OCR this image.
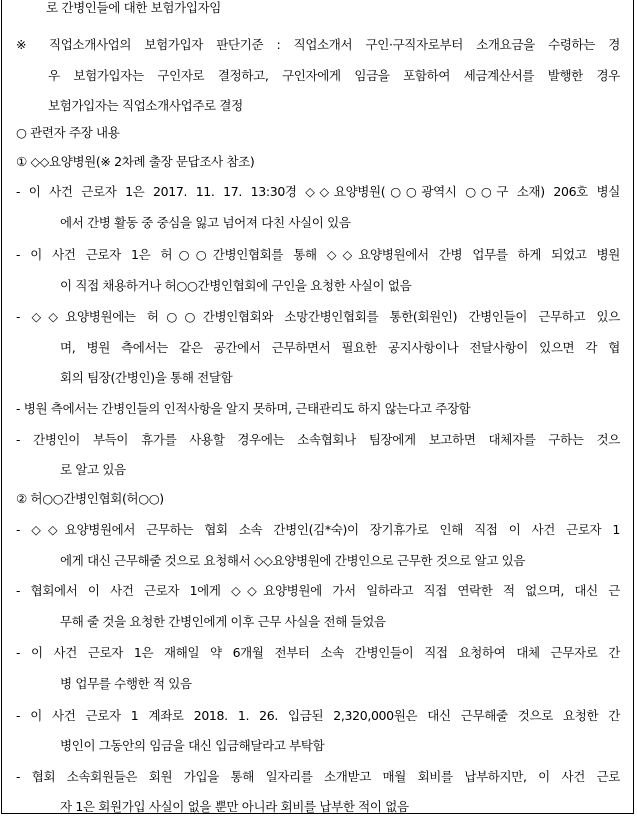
로 간병인들에 대한 보험가입자임
※ 직업소개사업의 보험가입자 판단기준 : 직업소개서 구인·구직자로부터 소개요금을 수령하는 경
우 보험가입자는 구인자로 결정하고, 구인자에게 임금을 포함하여 세금계산서를 발행한 경우
보험가입자는 직업소개사업주로 결정
○ 관련자 주장 내용
① ◇◇요양병원(※ 2차례 출장 문답조사 참조)
- 이 사건 근로자 1은 2017. 11. 17. 13:30경 ◇◇요양병원(○○광역시 ○○구 소재) 206호 병실
에서 간병 활동 중 중심을 잃고 넘어져 다친 사실이 있음
- 이 사건 근로자 1은 허○○간병인협회를 통해 ◇◇요양병원에서 간병 업무를 하게 되었고 병원
이 직접 채용하거나 허○○간병인협회에 구인을 요청한 사실이 없음
- ◇◇요양병원에는 허○○간병인협회와 소망간병인협회를 통한(회원인) 간병인들이 근무하고 있으
며, 병원 측에서는 같은 공간에서 근무하면서 필요한 공지사항이나 전달사항이 있으면 각 협
회의 팀장(간병인)을 통해 전달함
- 병원 측에서는 간병인들의 인적사항을 알지 못하며, 근태관리도 하지 않는다고 주장함
- 간병인이 부득이 휴가를 사용할 경우에는 소속협회나 팀장에게 보고하면 대체자를 구하는 것으
로 알고 있음
② 허○○간병인협회(허○○)
- ◇◇요양병원에서 근무하는 협회 소속 간병인(김*숙)이 장기휴가로 인해 직접 이 사건 근로자 1
에게 대신 근무해줄 것으로 요청해서 ◇◇요양병원에 간병인으로 근무한 것으로 알고 있음
- 협회에서 이 사건 근로자 1에게 ◇◇요양병원에 가서 일하라고 직접 연락한 적 없으며, 대신 근
무해 줄 것을 요청한 간병인에게 이후 근무 사실을 전해 들었음
- 이 사건 근로자 1은 재해일 약 6개월 전부터 소속 간병인들이 직접 요청하여 대체 근무자로 간
병 업무를 수행한 적 있음
- 이 사건 근로자 1 계좌로 2018. 1. 26. 입금된 2,320,000원은 대신 근무해줄 것으로 요청한 간
병인이 그동안의 임금을 대신 입금해달라고 부탁함
- 협회 소속회원들은 회원 가입을 통해 일자리를 소개받고 매월 회비를 납부하지만, 이 사건 근로
자 1은 회원가입 사실이 없을 뿐만 아니라 회비를 납부한 적이 없음
